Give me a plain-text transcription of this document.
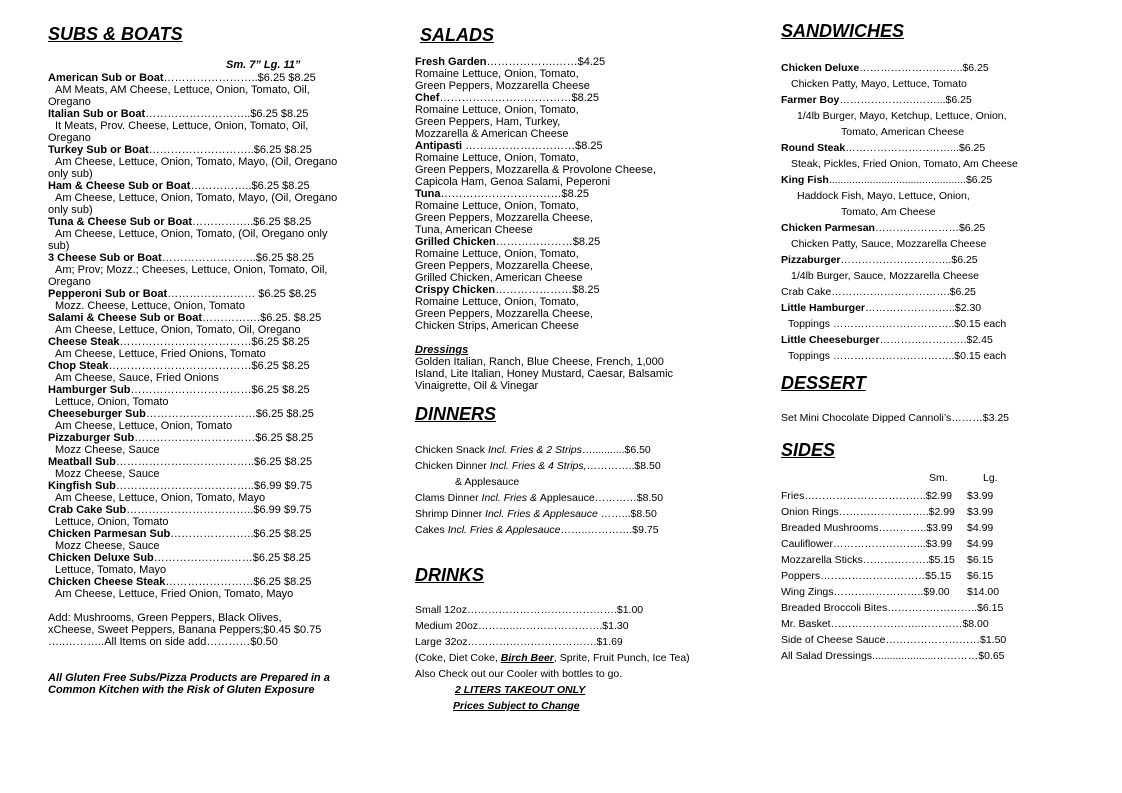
SUBS & BOATS
Sm. 7” Lg. 11”
American Sub or Boat……………………..$6.25 $8.25
AM Meats, AM Cheese, Lettuce, Onion, Tomato, Oil,
Oregano
Italian Sub or Boat………………………..$6.25 $8.25
It Meats, Prov. Cheese, Lettuce, Onion, Tomato, Oil,
Oregano
Turkey Sub or Boat………………………..$6.25 $8.25
Am Cheese, Lettuce, Onion, Tomato, Mayo, (Oil, Oregano
only sub)
Ham & Cheese Sub or Boat……………..$6.25 $8.25
Am Cheese, Lettuce, Onion, Tomato, Mayo, (Oil, Oregano
only sub)
Tuna & Cheese Sub or Boat……………..$6.25 $8.25
Am Cheese, Lettuce, Onion, Tomato, (Oil, Oregano only
sub)
3 Cheese Sub or Boat……………………..$6.25 $8.25
Am; Prov; Mozz.; Cheeses, Lettuce, Onion, Tomato, Oil,
Oregano
Pepperoni Sub or Boat…………………… $6.25 $8.25
Mozz. Cheese, Lettuce, Onion, Tomato
Salami & Cheese Sub or Boat…………….$6.25. $8.25
Am Cheese, Lettuce, Onion, Tomato, Oil, Oregano
Cheese Steak………………………………$6.25 $8.25
Am Cheese, Lettuce, Fried Onions, Tomato
Chop Steak…………………………………$6.25 $8.25
Am Cheese, Sauce, Fried Onions
Hamburger Sub……………………………$6.25 $8.25
Lettuce, Onion, Tomato
Cheeseburger Sub…………………………$6.25 $8.25
Am Cheese, Lettuce, Onion, Tomato
Pizzaburger Sub……………………………$6.25 $8.25
Mozz Cheese, Sauce
Meatball Sub………………………………..$6.25 $8.25
Mozz Cheese, Sauce
Kingfish Sub………………………………..$6.99 $9.75
Am Cheese, Lettuce, Onion, Tomato, Mayo
Crab Cake Sub……………………………..$6.99 $9.75
Lettuce, Onion, Tomato
Chicken Parmesan Sub…………………..$6.25 $8.25
Mozz Cheese, Sauce
Chicken Deluxe Sub………………………$6.25 $8.25
Lettuce, Tomato, Mayo
Chicken Cheese Steak……………………$6.25 $8.25
Am Cheese, Lettuce, Fried Onion, Tomato, Mayo
Add: Mushrooms, Green Peppers, Black Olives,
xCheese, Sweet Peppers, Banana Peppers;$0.45 $0.75
…..………..All Items on side add…………$0.50
All Gluten Free Subs/Pizza Products are Prepared in a
Common Kitchen with the Risk of Gluten Exposure
SALADS
Fresh Garden……………….……$4.25
Romaine Lettuce, Onion, Tomato,
Green Peppers, Mozzarella Cheese
Chef………………………………$8.25
Romaine Lettuce, Onion, Tomato,
Green Peppers, Ham, Turkey,
Mozzarella & American Cheese
Antipasti …………………………$8.25
Romaine Lettuce, Onion, Tomato,
Green Peppers, Mozzarella & Provolone Cheese,
Capicola Ham, Genoa Salami, Peperoni
Tuna……………………………$8.25
Romaine Lettuce, Onion, Tomato,
Green Peppers, Mozzarella Cheese,
Tuna, American Cheese
Grilled Chicken…………………$8.25
Romaine Lettuce, Onion, Tomato,
Green Peppers, Mozzarella Cheese,
Grilled Chicken, American Cheese
Crispy Chicken…………………$8.25
Romaine Lettuce, Onion, Tomato,
Green Peppers, Mozzarella Cheese,
Chicken Strips, American Cheese
Dressings
Golden Italian, Ranch, Blue Cheese, French, 1,000
Island, Lite Italian, Honey Mustard, Caesar, Balsamic
Vinaigrette, Oil & Vinegar
DINNERS
Chicken Snack Incl. Fries & 2 Strips…...........$6.50
Chicken Dinner Incl. Fries & 4 Strips,…………..$8.50
& Applesauce
Clams Dinner Incl. Fries & Applesauce…………$8.50
Shrimp Dinner Incl. Fries & Applesauce ……...$8.50
Cakes Incl. Fries & Applesauce……..………….$9.75
DRINKS
Small 12oz…………………………………….$1.00
Medium 20oz………..…………………….$1.30
Large 32oz……………………………….$1.69
(Coke, Diet Coke, Birch Beer, Sprite, Fruit Punch, Ice Tea)
Also Check out our Cooler with bottles to go.
2 LITERS TAKEOUT ONLY
Prices Subject to Change
SANDWICHES
Chicken Deluxe………………….……..$6.25
Chicken Patty, Mayo, Lettuce, Tomato
Farmer Boy………………….……...$6.25
1/4lb Burger, Mayo, Ketchup, Lettuce, Onion,
Tomato, American Cheese
Round Steak…………………………...$6.25
Steak, Pickles, Fried Onion, Tomato, Am Cheese
King Fish...............................................$6.25
Haddock Fish, Mayo, Lettuce, Onion,
Tomato, Am Cheese
Chicken Parmesan……………………$6.25
Chicken Patty, Sauce, Mozzarella Cheese
Pizzaburger…………………………..$6.25
1/4lb Burger, Sauce, Mozzarella Cheese
Crab Cake…………………………….$6.25
Little Hamburger……………………..$2.30
Toppings ……………………………..$0.15 each
Little Cheeseburger…………………….$2.45
Toppings ……………………………..$0.15 each
DESSERT
Set Mini Chocolate Dipped Cannoli’s………$3.25
SIDES
Sm.	Lg.
Fries……………………………..$2.99 $3.99
Onion Rings……………………..$2.99 $3.99
Breaded Mushrooms…………..$3.99 $4.99
Cauliflower……………………...$3.99 $4.99
Mozzarella Sticks……………….$5.15 $6.15
Poppers…………………………$5.15 $6.15
Wing Zings……………………..$9.00 $14.00
Breaded Broccoli Bites……………………..$6.15
Mr. Basket……………………..…………$8.00
Side of Cheese Sauce………………………$1.50
All Salad Dressings......................…………$0.65
